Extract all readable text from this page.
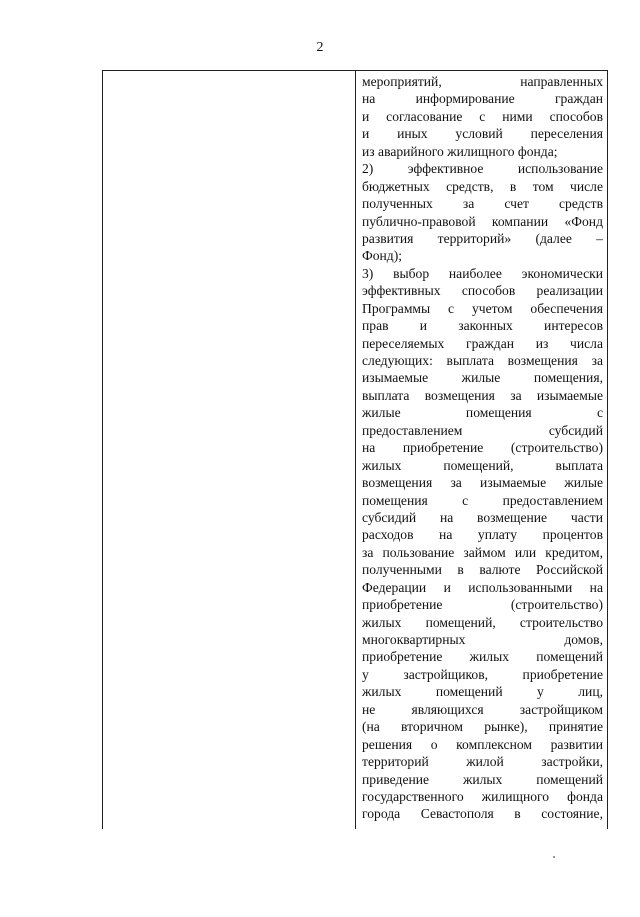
2
мероприятий, направленных
на информирование граждан
и согласование с ними способов
и иных условий переселения
из аварийного жилищного фонда;
2) эффективное использование
бюджетных средств, в том числе
полученных за счет средств
публично-правовой компании «Фонд
развития территорий» (далее –
Фонд);
3) выбор наиболее экономически
эффективных способов реализации
Программы с учетом обеспечения
прав и законных интересов
переселяемых граждан из числа
следующих: выплата возмещения за
изымаемые жилые помещения,
выплата возмещения за изымаемые
жилые помещения с
предоставлением субсидий
на приобретение (строительство)
жилых помещений, выплата
возмещения за изымаемые жилые
помещения с предоставлением
субсидий на возмещение части
расходов на уплату процентов
за пользование займом или кредитом,
полученными в валюте Российской
Федерации и использованными на
приобретение (строительство)
жилых помещений, строительство
многоквартирных домов,
приобретение жилых помещений
у застройщиков, приобретение
жилых помещений у лиц,
не являющихся застройщиком
(на вторичном рынке), принятие
решения о комплексном развитии
территорий жилой застройки,
приведение жилых помещений
государственного жилищного фонда
города Севастополя в состояние,
